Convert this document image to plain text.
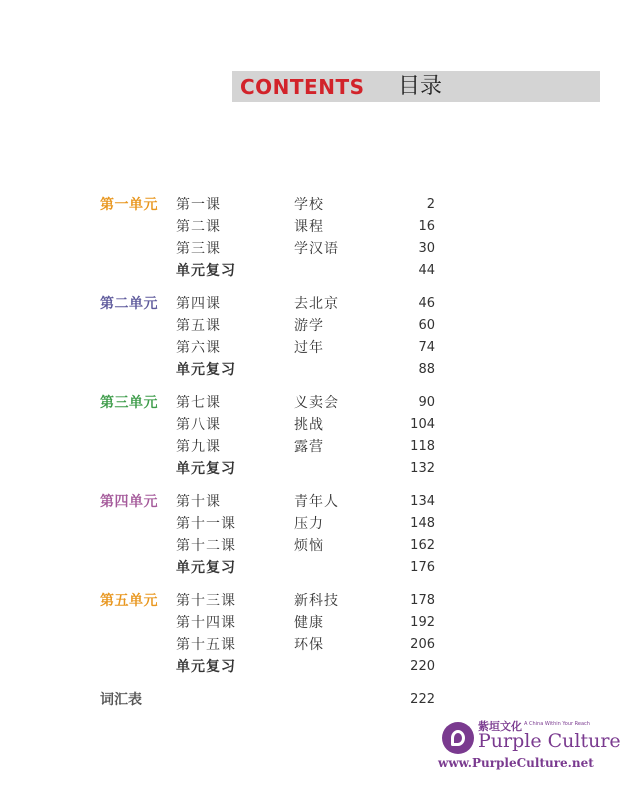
CONTENTS 目录
第一单元 第一课	学校	2
第二课	课程	16
第三课	学汉语	30
单元复习	44
第二单元 第四课	去北京	46
第五课	游学	60
第六课	过年	74
单元复习	88
第三单元 第七课	义卖会	90
第八课	挑战	104
第九课	露营	118
单元复习	132
第四单元 第十课	青年人	134
第十一课	压力	148
第十二课	烦恼	162
单元复习	176
第五单元 第十三课	新科技	178
第十四课	健康	192
第十五课	环保	206
单元复习	220
词汇表	222
紫垣文化 A China Within Your Reach
Purple Culture
www.PurpleCulture.net
